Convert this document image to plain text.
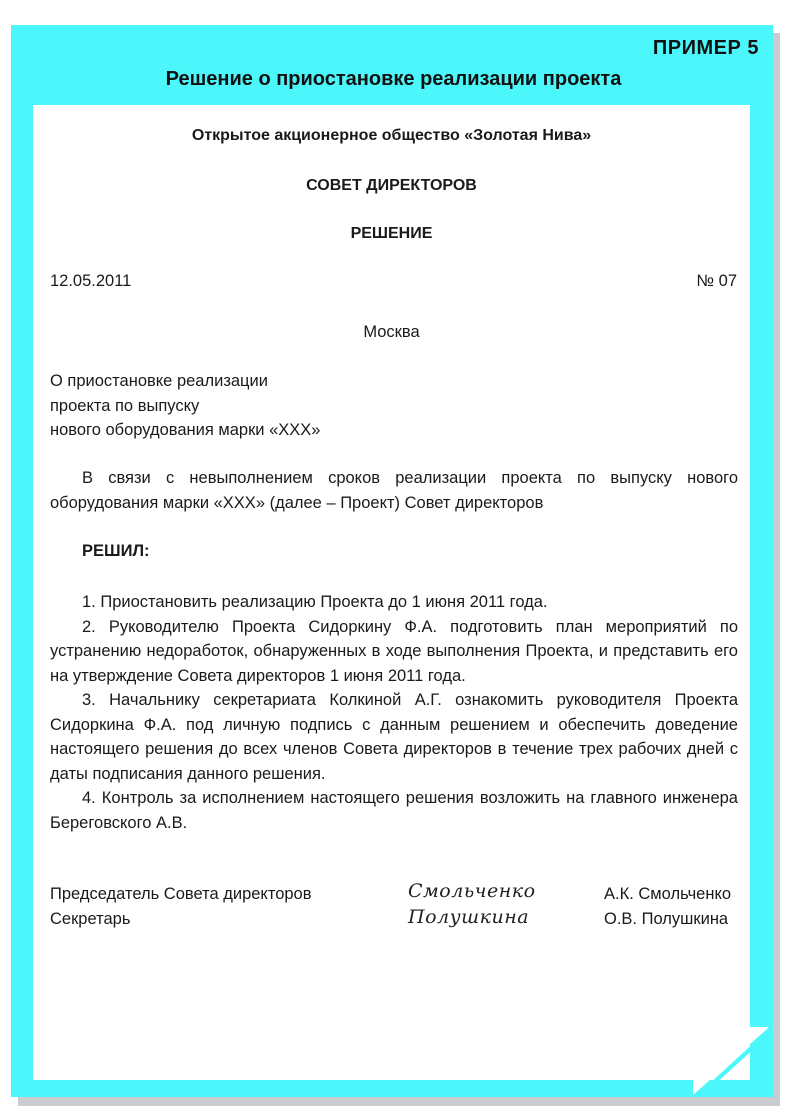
ПРИМЕР 5
Решение о приостановке реализации проекта
Открытое акционерное общество «Золотая Нива»
СОВЕТ ДИРЕКТОРОВ
РЕШЕНИЕ
12.05.2011	№ 07
Москва
О приостановке реализации
проекта по выпуску
нового оборудования марки «ХХХ»

В связи с невыполнением сроков реализации проекта по выпуску нового оборудования марки «ХХХ» (далее – Проект) Совет директоров

РЕШИЛ:

1. Приостановить реализацию Проекта до 1 июня 2011 года.

2. Руководителю Проекта Сидоркину Ф.А. подготовить план мероприятий по устранению недоработок, обнаруженных в ходе выполнения Проекта, и представить его на утверждение Совета директоров 1 июня 2011 года.

3. Начальнику секретариата Колкиной А.Г. ознакомить руководителя Проекта Сидоркина Ф.А. под личную подпись с данным решением и обеспечить доведение настоящего решения до всех членов Совета директоров в течение трех рабочих дней с даты подписания данного решения.

4. Контроль за исполнением настоящего решения возложить на главного инженера Береговского А.В.

Председатель Совета директоров
Секретарь
Смольченко
Полушкина
А.К. Смольченко
О.В. Полушкина
